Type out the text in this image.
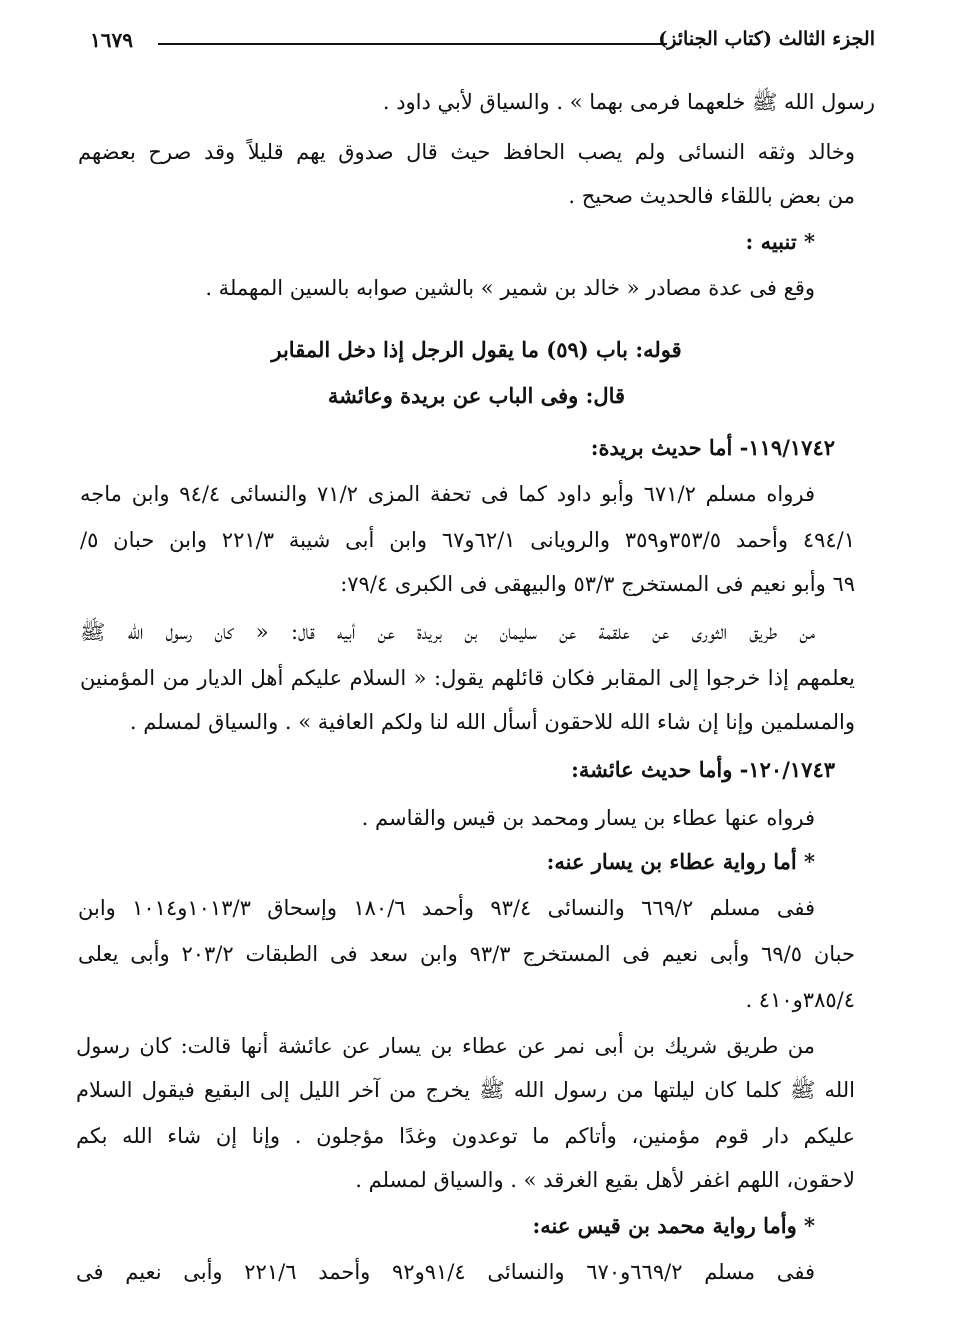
الجزء الثالث (كتاب الجنائز)
١٦٧٩
رسول الله ﷺ خلعهما فرمى بهما » . والسياق لأبي داود .
وخالد وثقه النسائى ولم يصب الحافظ حيث قال صدوق يهم قليلاً وقد صرح بعضهم
من بعض باللقاء فالحديث صحيح .
* تنبيه :
وقع فى عدة مصادر « خالد بن شمير » بالشين صوابه بالسين المهملة .
قوله: باب (٥٩) ما يقول الرجل إذا دخل المقابر
قال: وفى الباب عن بريدة وعائشة
١١٩/١٧٤٢- أما حديث بريدة:
فرواه مسلم ٦٧١/٢ وأبو داود كما فى تحفة المزى ٧١/٢ والنسائى ٩٤/٤ وابن ماجه
٤٩٤/١ وأحمد ٣٥٣/٥و٣٥٩ والرويانى ٦٢/١و٦٧ وابن أبى شيبة ٢٢١/٣ وابن حبان ٥/
٦٩ وأبو نعيم فى المستخرج ٥٣/٣ والبيهقى فى الكبرى ٧٩/٤:
من طريق الثورى عن علقمة عن سليمان بن بريدة عن أبيه قال: « كان رسول الله ﷺ
يعلمهم إذا خرجوا إلى المقابر فكان قائلهم يقول: « السلام عليكم أهل الديار من المؤمنين
والمسلمين وإنا إن شاء الله للاحقون أسأل الله لنا ولكم العافية » . والسياق لمسلم .
١٢٠/١٧٤٣- وأما حديث عائشة:
فرواه عنها عطاء بن يسار ومحمد بن قيس والقاسم .
* أما رواية عطاء بن يسار عنه:
ففى مسلم ٦٦٩/٢ والنسائى ٩٣/٤ وأحمد ١٨٠/٦ وإسحاق ١٠١٣/٣و١٠١٤ وابن
حبان ٦٩/٥ وأبى نعيم فى المستخرج ٩٣/٣ وابن سعد فى الطبقات ٢٠٣/٢ وأبى يعلى
٣٨٥/٤و٤١٠ .
من طريق شريك بن أبى نمر عن عطاء بن يسار عن عائشة أنها قالت: كان رسول
الله ﷺ كلما كان ليلتها من رسول الله ﷺ يخرج من آخر الليل إلى البقيع فيقول السلام
عليكم دار قوم مؤمنين، وأتاكم ما توعدون وغدًا مؤجلون . وإنا إن شاء الله بكم
لاحقون، اللهم اغفر لأهل بقيع الغرقد » . والسياق لمسلم .
* وأما رواية محمد بن قيس عنه:
ففى مسلم ٦٦٩/٢و٦٧٠ والنسائى ٩١/٤و٩٢ وأحمد ٢٢١/٦ وأبى نعيم فى
